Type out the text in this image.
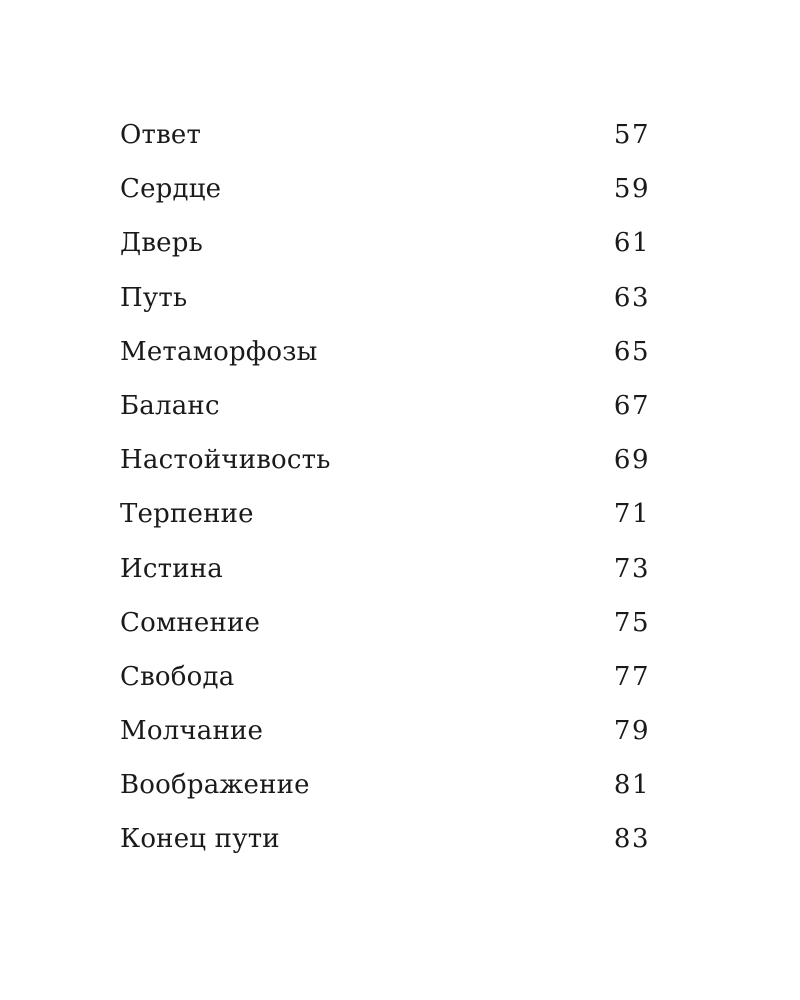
Ответ .....	57
Сердце .....	59
Дверь .....	61
Путь .....	63
Метаморфозы .....	65
Баланс .....	67
Настойчивость .....	69
Терпение .....	71
Истина .....	73
Сомнение .....	75
Свобода .....	77
Молчание .....	79
Воображение .....	81
Конец пути .....	83
